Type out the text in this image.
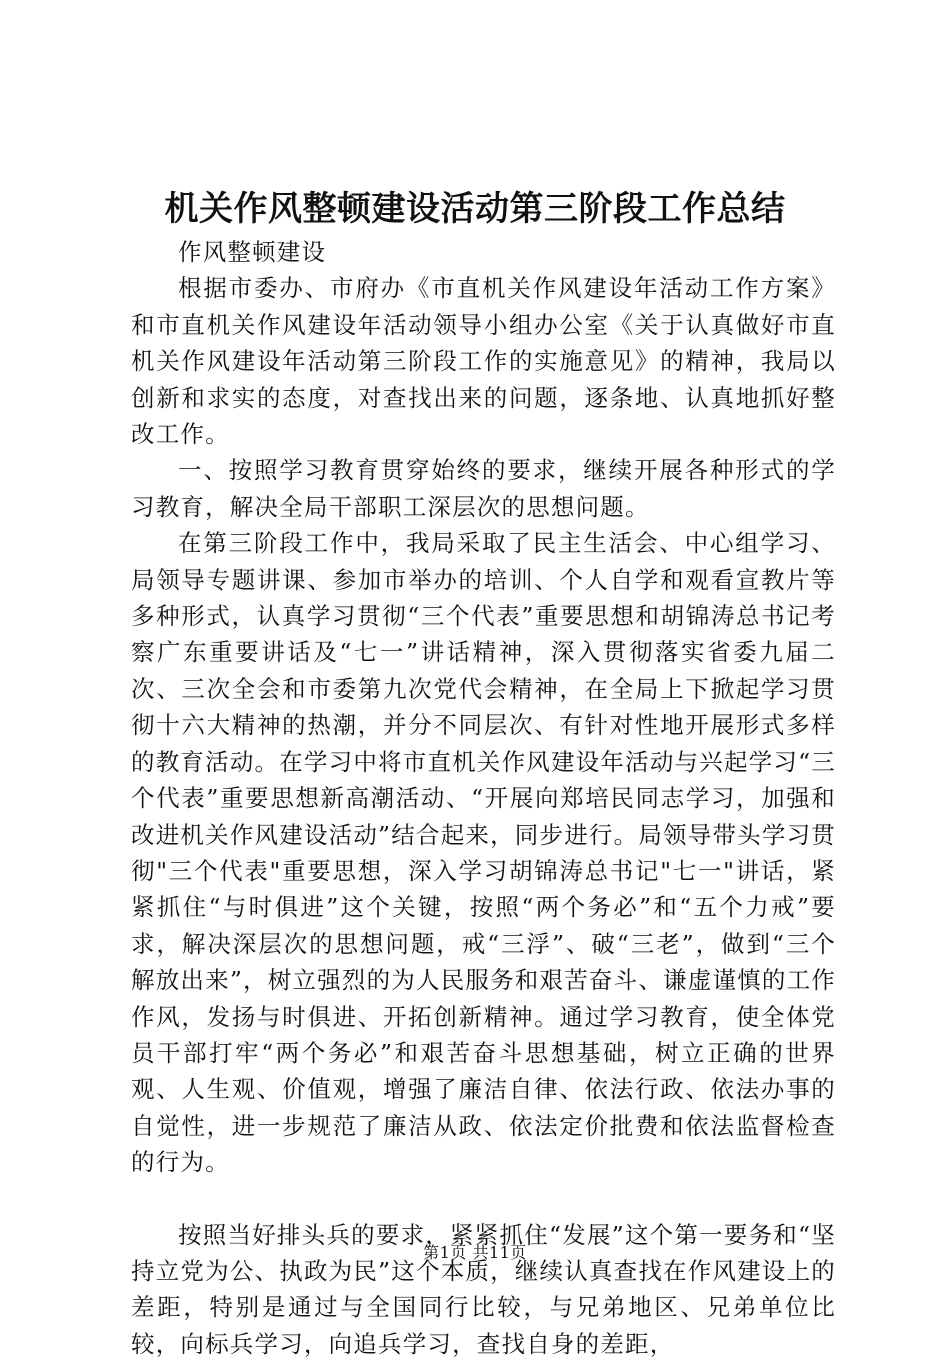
机关作风整顿建设活动第三阶段工作总结

作风整顿建设

根据市委办、市府办《市直机关作风建设年活动工作方案》和市直机关作风建设年活动领导小组办公室《关于认真做好市直机关作风建设年活动第三阶段工作的实施意见》的精神，我局以创新和求实的态度，对查找出来的问题，逐条地、认真地抓好整改工作。

一、按照学习教育贯穿始终的要求，继续开展各种形式的学习教育，解决全局干部职工深层次的思想问题。

在第三阶段工作中，我局采取了民主生活会、中心组学习、局领导专题讲课、参加市举办的培训、个人自学和观看宣教片等多种形式，认真学习贯彻“三个代表”重要思想和胡锦涛总书记考察广东重要讲话及“七一”讲话精神，深入贯彻落实省委九届二次、三次全会和市委第九次党代会精神，在全局上下掀起学习贯彻十六大精神的热潮，并分不同层次、有针对性地开展形式多样的教育活动。在学习中将市直机关作风建设年活动与兴起学习“三个代表”重要思想新高潮活动、“开展向郑培民同志学习，加强和改进机关作风建设活动”结合起来，同步进行。局领导带头学习贯彻"三个代表"重要思想，深入学习胡锦涛总书记"七一"讲话，紧紧抓住“与时俱进”这个关键，按照“两个务必”和“五个力戒”要求，解决深层次的思想问题，戒“三浮”、破“三老”，做到“三个解放出来”，树立强烈的为人民服务和艰苦奋斗、谦虚谨慎的工作作风，发扬与时俱进、开拓创新精神。通过学习教育，使全体党员干部打牢“两个务必”和艰苦奋斗思想基础，树立正确的世界观、人生观、价值观，增强了廉洁自律、依法行政、依法办事的自觉性，进一步规范了廉洁从政、依法定价批费和依法监督检查的行为。

按照当好排头兵的要求，紧紧抓住“发展”这个第一要务和“坚持立党为公、执政为民”这个本质，继续认真查找在作风建设上的差距，特别是通过与全国同行比较，与兄弟地区、兄弟单位比较，向标兵学习，向追兵学习，查找自身的差距，

第1页 共11页
